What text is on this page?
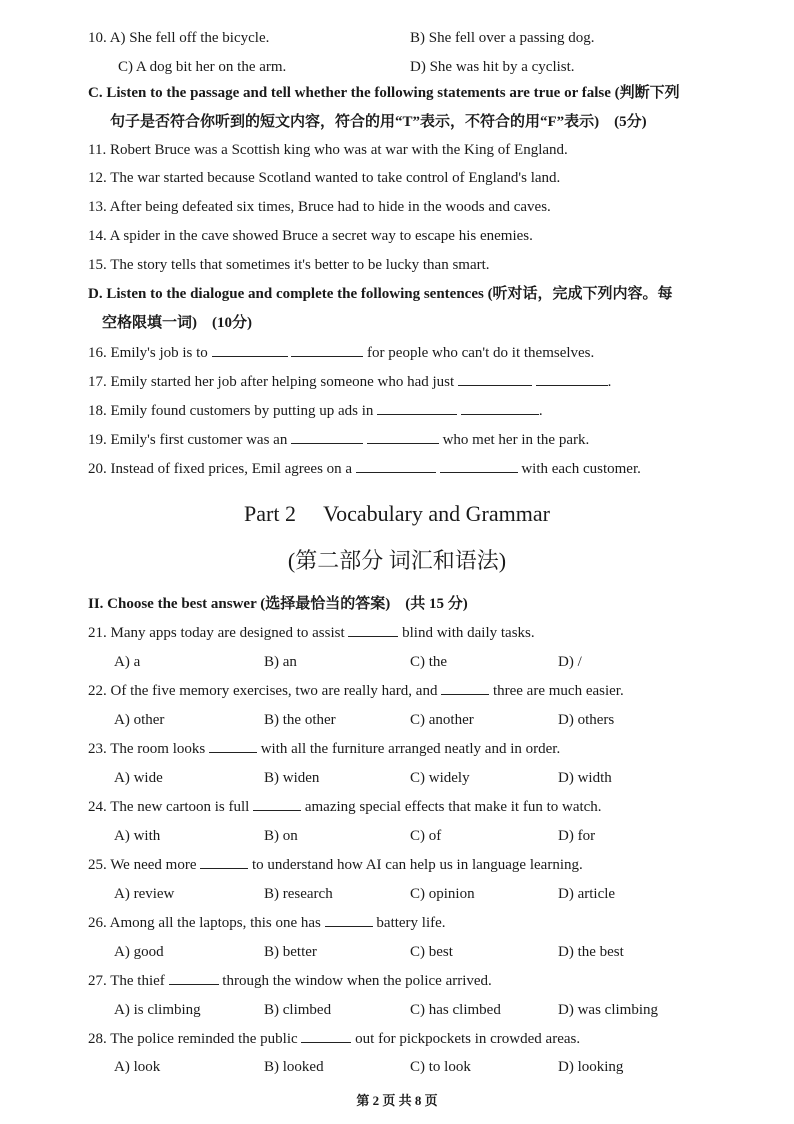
10. A) She fell off the bicycle.	B) She fell over a passing dog.
C) A dog bit her on the arm.	D) She was hit by a cyclist.
C. Listen to the passage and tell whether the following statements are true or false (判断下列
句子是否符合你听到的短文内容，符合的用“T”表示，不符合的用“F”表示)　(5分)
11. Robert Bruce was a Scottish king who was at war with the King of England.
12. The war started because Scotland wanted to take control of England's land.
13. After being defeated six times, Bruce had to hide in the woods and caves.
14. A spider in the cave showed Bruce a secret way to escape his enemies.
15. The story tells that sometimes it's better to be lucky than smart.
D. Listen to the dialogue and complete the following sentences (听对话，完成下列内容。每
空格限填一词)　(10分)
16. Emily's job is to	for people who can't do it themselves.
17. Emily started her job after helping someone who had just	.
18. Emily found customers by putting up ads in	.
19. Emily's first customer was an	who met her in the park.
20. Instead of fixed prices, Emil agrees on a	with each customer.
Part 2　 Vocabulary and Grammar
(第二部分 词汇和语法)
II. Choose the best answer (选择最恰当的答案)　(共 15 分)
21. Many apps today are designed to assist	blind with daily tasks.
A) a	B) an	C) the	D) /
22. Of the five memory exercises, two are really hard, and	three are much easier.
A) other	B) the other	C) another	D) others
23. The room looks	with all the furniture arranged neatly and in order.
A) wide	B) widen	C) widely	D) width
24. The new cartoon is full	amazing special effects that make it fun to watch.
A) with	B) on	C) of	D) for
25. We need more	to understand how AI can help us in language learning.
A) review	B) research	C) opinion	D) article
26. Among all the laptops, this one has	battery life.
A) good	B) better	C) best	D) the best
27. The thief	through the window when the police arrived.
A) is climbing	B) climbed	C) has climbed	D) was climbing
28. The police reminded the public	out for pickpockets in crowded areas.
A) look	B) looked	C) to look	D) looking
第 2 页 共 8 页
